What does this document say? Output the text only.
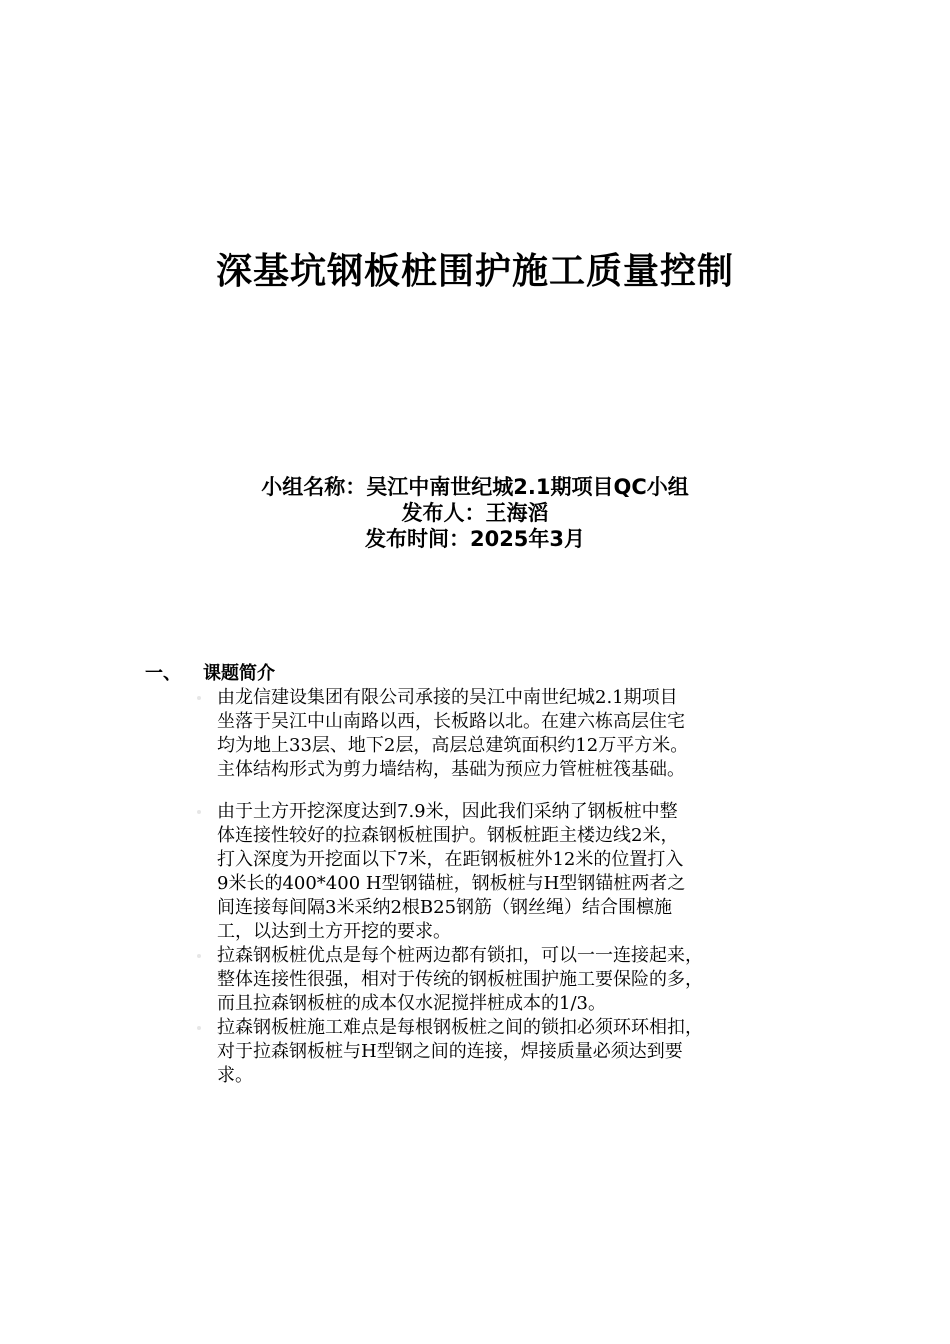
深基坑钢板桩围护施工质量控制
小组名称：吴江中南世纪城2.1期项目QC小组
发布人：王海滔
发布时间：2025年3月
一、 课题简介

由龙信建设集团有限公司承接的吴江中南世纪城2.1期项目
坐落于吴江中山南路以西，长板路以北。在建六栋高层住宅
均为地上33层、地下2层，高层总建筑面积约12万平方米。
主体结构形式为剪力墙结构，基础为预应力管桩桩筏基础。

由于土方开挖深度达到7.9米，因此我们采纳了钢板桩中整
体连接性较好的拉森钢板桩围护。钢板桩距主楼边线2米，
打入深度为开挖面以下7米，在距钢板桩外12米的位置打入
9米长的400*400 H型钢锚桩，钢板桩与H型钢锚桩两者之
间连接每间隔3米采纳2根B25钢筋（钢丝绳）结合围檩施
工，以达到土方开挖的要求。

拉森钢板桩优点是每个桩两边都有锁扣，可以一一连接起来，
整体连接性很强，相对于传统的钢板桩围护施工要保险的多，
而且拉森钢板桩的成本仅水泥搅拌桩成本的1/3。

拉森钢板桩施工难点是每根钢板桩之间的锁扣必须环环相扣，
对于拉森钢板桩与H型钢之间的连接，焊接质量必须达到要
求。
